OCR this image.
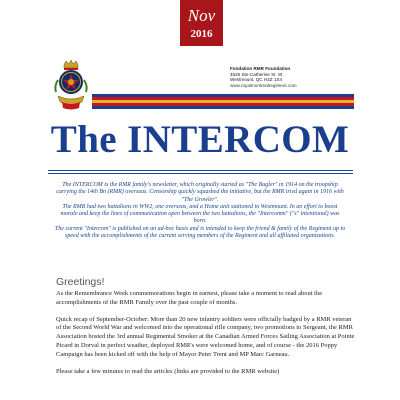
Nov
2016
Fondation RMR Foundation
4625 Ste-Catherine St. W.
Westmount, QC H3Z 1S4
www.royalmontrealregiment.com
The INTERCOM

The INTERCOM is the RMR family's newsletter, which originally started as "The Bugler" in 1914 on the troopship carrying the 14th Bn (RMR) overseas. Censorship quickly squashed the initiative, but the RMR tried again in 1916 with "The Growler".

The RMR had two battalions in WW2, one overseas, and a Home unit stationed in Westmount. In an effort to boost morale and keep the lines of communication open between the two battalions, the "Intercomm" ("s" intentional) was born.

The current "Intercom" is published on an ad-hoc basis and is intended to keep the friend & family of the Regiment up to speed with the accomplishments of the current serving members of the Regiment and all affiliated organizations.

Greetings!

As the Remembrance Week commemorations begin in earnest, please take a moment to read about the accomplishments of the RMR Family over the past couple of months.

Quick recap of September-October: More than 20 new infantry soldiers were officially badged by a RMR veteran of the Second World War and welcomed into the operational rifle company, two promotions to Sergeant, the RMR Association hosted the 3rd annual Regimental Smoker at the Canadian Armed Forces Sailing Association at Pointe Picard in Dorval in perfect weather, deployed RMR's were welcomed home, and of course - the 2016 Poppy Campaign has been kicked off with the help of Mayor Peter Trent and MP Marc Garneau.

Please take a few minutes to read the articles (links are provided to the RMR website)
